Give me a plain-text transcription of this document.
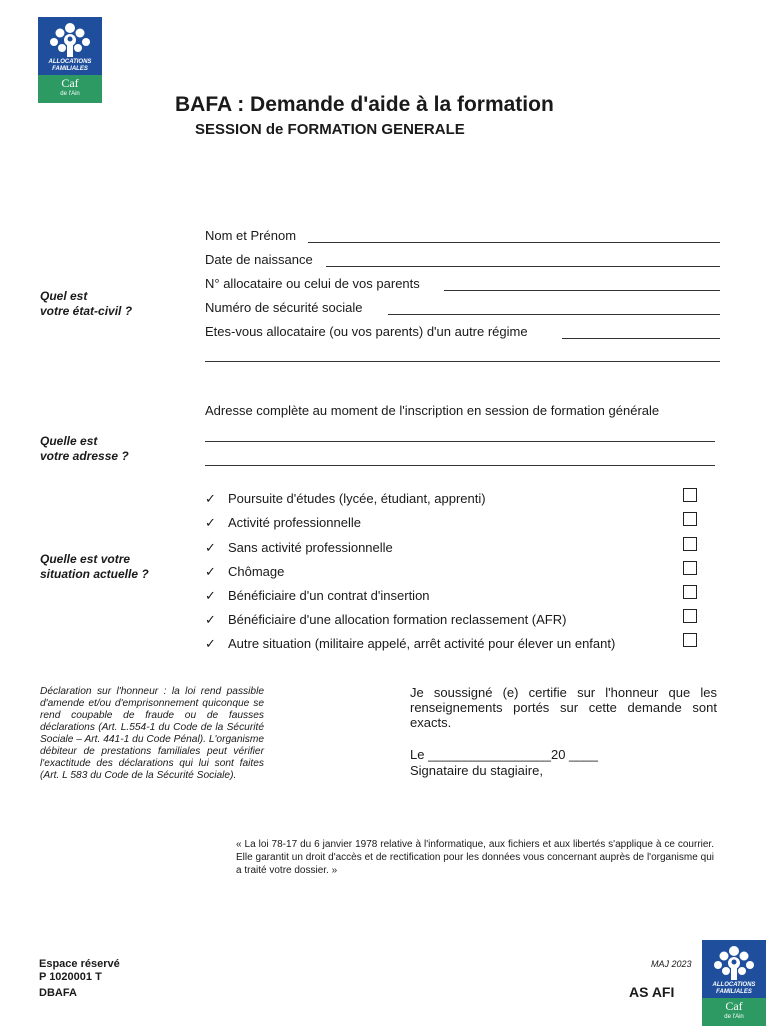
ALLOCATIONS
FAMILIALES
Caf
de l'Ain	BAFA : Demande d'aide à la formation
SESSION de FORMATION GENERALE
Quel est
votre état-civil ?
Nom et Prénom
Date de naissance
N° allocataire ou celui de vos parents
Numéro de sécurité sociale
Etes-vous allocataire (ou vos parents) d'un autre régime
Adresse complète au moment de l'inscription en session de formation générale
Quelle est
votre adresse ?
Quelle est votre
situation actuelle ?
✓ Poursuite d'études (lycée, étudiant, apprenti)
✓ Activité professionnelle
✓ Sans activité professionnelle
✓ Chômage
✓ Bénéficiaire d'un contrat d'insertion
✓ Bénéficiaire d'une allocation formation reclassement (AFR)
✓ Autre situation (militaire appelé, arrêt activité pour élever un enfant)
Déclaration sur l'honneur : la loi rend passible d'amende et/ou d'emprisonnement quiconque se rend coupable de fraude ou de fausses déclarations (Art. L.554-1 du Code de la Sécurité Sociale – Art. 441-1 du Code Pénal). L'organisme débiteur de prestations familiales peut vérifier l'exactitude des déclarations qui lui sont faites (Art. L 583 du Code de la Sécurité Sociale).
Je soussigné (e) certifie sur l'honneur que les renseignements portés sur cette demande sont exacts.
Le _________________20 ____
Signataire du stagiaire,
« La loi 78-17 du 6 janvier 1978 relative à l'informatique, aux fichiers et aux libertés s'applique à ce courrier. Elle garantit un droit d'accès et de rectification pour les données vous concernant auprès de l'organisme qui a traité votre dossier. »
Espace réservé
P 1020001 T
DBAFA
MAJ 2023
AS AFI	ALLOCATIONS
FAMILIALES
Caf
de l'Ain
